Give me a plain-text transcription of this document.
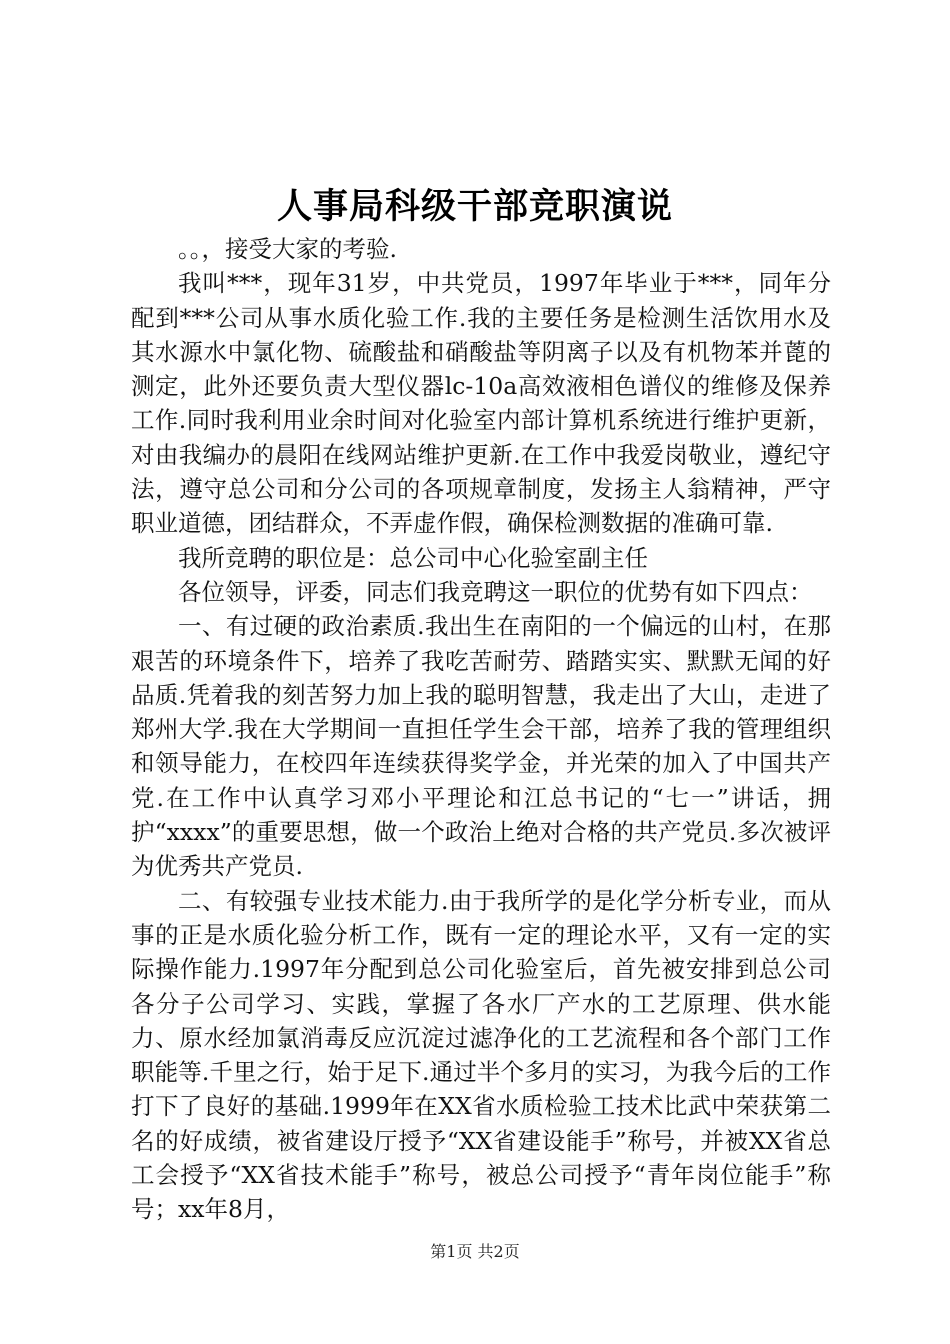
人事局科级干部竞职演说

。。，接受大家的考验.

我叫***，现年31岁，中共党员，1997年毕业于***，同年分配到***公司从事水质化验工作.我的主要任务是检测生活饮用水及其水源水中氯化物、硫酸盐和硝酸盐等阴离子以及有机物苯并蓖的测定，此外还要负责大型仪器lc-10a高效液相色谱仪的维修及保养工作.同时我利用业余时间对化验室内部计算机系统进行维护更新，对由我编办的晨阳在线网站维护更新.在工作中我爱岗敬业，遵纪守法，遵守总公司和分公司的各项规章制度，发扬主人翁精神，严守职业道德，团结群众，不弄虚作假，确保检测数据的准确可靠.

我所竞聘的职位是：总公司中心化验室副主任

各位领导，评委，同志们我竞聘这一职位的优势有如下四点：

一、有过硬的政治素质.我出生在南阳的一个偏远的山村，在那艰苦的环境条件下，培养了我吃苦耐劳、踏踏实实、默默无闻的好品质.凭着我的刻苦努力加上我的聪明智慧，我走出了大山，走进了郑州大学.我在大学期间一直担任学生会干部，培养了我的管理组织和领导能力，在校四年连续获得奖学金，并光荣的加入了中国共产党.在工作中认真学习邓小平理论和江总书记的“七一”讲话，拥护“xxxx”的重要思想，做一个政治上绝对合格的共产党员.多次被评为优秀共产党员.

二、有较强专业技术能力.由于我所学的是化学分析专业，而从事的正是水质化验分析工作，既有一定的理论水平，又有一定的实际操作能力.1997年分配到总公司化验室后，首先被安排到总公司各分子公司学习、实践，掌握了各水厂产水的工艺原理、供水能力、原水经加氯消毒反应沉淀过滤净化的工艺流程和各个部门工作职能等.千里之行，始于足下.通过半个多月的实习，为我今后的工作打下了良好的基础.1999年在XX省水质检验工技术比武中荣获第二名的好成绩，被省建设厅授予“XX省建设能手”称号，并被XX省总工会授予“XX省技术能手”称号，被总公司授予“青年岗位能手”称号；xx年8月，

第1页 共2页
